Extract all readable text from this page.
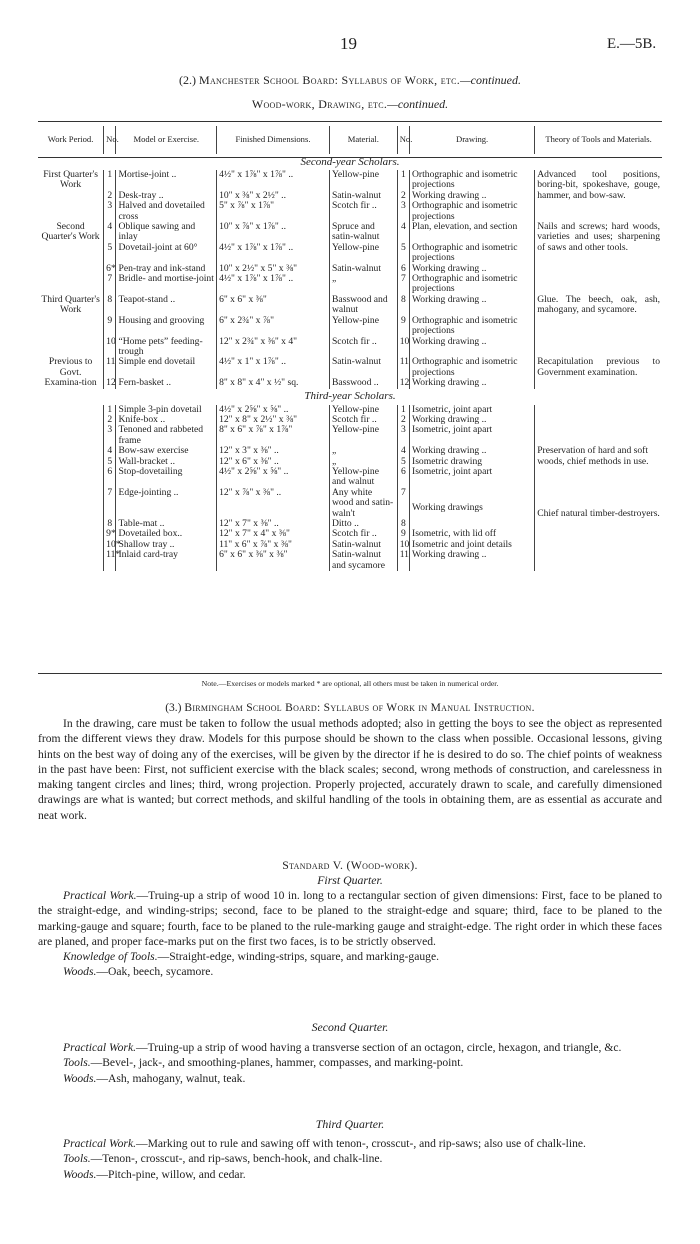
19	E.—5B.
(2.) Manchester School Board: Syllabus of Work, etc.—continued.
Wood-work, Drawing, etc.—continued.
Work Period.	No.	Model or Exercise.	Finished Dimensions.	Material.	No.	Drawing.	Theory of Tools and Materials.
Second-year Scholars.							
First Quarter's Work	1	Mortise-joint ..	4½" x 1⅞" x 1⅞" ..	Yellow-pine	1	Orthographic and isometric projections	Advanced tool positions, boring-bit, spokeshave, gouge, hammer, and bow-saw.
	2	Desk-tray ..	10" x ⅜" x 2½" ..	Satin-walnut	2	Working drawing ..	
	3	Halved and dovetailed cross	5" x ⅞" x 1⅞"	Scotch fir ..	3	Orthographic and isometric projections	
Second Quarter's Work	4	Oblique sawing and inlay	10" x ⅞" x 1⅞" ..	Spruce and satin-walnut	4	Plan, elevation, and section	Nails and screws; hard woods, varieties and uses; sharpening of saws and other tools.
	5	Dovetail-joint at 60°	4½" x 1⅞" x 1⅞" ..	Yellow-pine	5	Orthographic and isometric projections	
	6*	Pen-tray and ink-stand	10" x 2½" x 5" x ⅜"	Satin-walnut	6	Working drawing ..	
	7	Bridle- and mortise-joint	4½" x 1⅞" x 1⅞" ..	„	7	Orthographic and isometric projections	
Third Quarter's Work	8	Teapot-stand ..	6" x 6" x ⅜"	Basswood and walnut	8	Working drawing ..	Glue. The beech, oak, ash, mahogany, and sycamore.
	9	Housing and grooving	6" x 2¾" x ⅞"	Yellow-pine	9	Orthographic and isometric projections	
	10	“Home pets” feeding-trough	12" x 2¾" x ⅜" x 4"	Scotch fir ..	10	Working drawing ..	
Previous to Govt. Examina-tion	11	Simple end dovetail	4½" x 1" x 1⅞" ..	Satin-walnut	11	Orthographic and isometric projections	Recapitulation previous to Government examination.
	12	Fern-basket ..	8" x 8" x 4" x ½" sq.	Basswood ..	12	Working drawing ..	
Third-year Scholars.							
	1	Simple 3-pin dovetail	4½" x 2⅝" x ⅝" ..	Yellow-pine	1	Isometric, joint apart	
	2	Knife-box ..	12" x 8" x 2½" x ⅜"	Scotch fir ..	2	Working drawing ..	
	3	Tenoned and rabbeted frame	8" x 6" x ⅞" x 1⅞"	Yellow-pine	3	Isometric, joint apart	Preservation of hard and soft woods, chief methods in use.
	4	Bow-saw exercise	12" x 3" x ⅜" ..	„	4	Working drawing ..	
	5	Wall-bracket ..	12" x 6" x ⅜" ..	„	5	Isometric drawing	
	6	Stop-dovetailing	4½" x 2⅝" x ⅝" ..	Yellow-pine and walnut	6	Isometric, joint apart	
	7	Edge-jointing ..	12" x ⅞" x ⅜" ..	Any white wood and satin-waln't	7	Working drawings	Chief natural timber-destroyers.
	8	Table-mat ..	12" x 7" x ⅜" ..	Ditto ..	8		
	9*	Dovetailed box..	12" x 7" x 4" x ⅜"	Scotch fir ..	9	Isometric, with lid off	
	10*	Shallow tray ..	11" x 6" x ⅞" x ⅜"	Satin-walnut	10	Isometric and joint details	
	11*	Inlaid card-tray	6" x 6" x ⅜" x ⅜"	Satin-walnut and sycamore	11	Working drawing ..	
Note.—Exercises or models marked * are optional, all others must be taken in numerical order.
(3.) Birmingham School Board: Syllabus of Work in Manual Instruction.

In the drawing, care must be taken to follow the usual methods adopted; also in getting the boys to see the object as represented from the different views they draw. Models for this purpose should be shown to the class when possible. Occasional lessons, giving hints on the best way of doing any of the exercises, will be given by the director if he is desired to do so. The chief points of weakness in the past have been: First, not sufficient exercise with the black scales; second, wrong methods of construction, and carelessness in making tangent circles and lines; third, wrong projection. Properly projected, accurately drawn to scale, and carefully dimensioned drawings are what is wanted; but correct methods, and skilful handling of the tools in obtaining them, are as essential as accurate and neat work.

Standard V. (Wood-work).
First Quarter.

Practical Work.—Truing-up a strip of wood 10 in. long to a rectangular section of given dimensions: First, face to be planed to the straight-edge, and winding-strips; second, face to be planed to the straight-edge and square; third, face to be planed to the marking-gauge and square; fourth, face to be planed to the rule-marking gauge and straight-edge. The right order in which these faces are planed, and proper face-marks put on the first two faces, is to be strictly observed.

Knowledge of Tools.—Straight-edge, winding-strips, square, and marking-gauge.

Woods.—Oak, beech, sycamore.

Second Quarter.

Practical Work.—Truing-up a strip of wood having a transverse section of an octagon, circle, hexagon, and triangle, &c.

Tools.—Bevel-, jack-, and smoothing-planes, hammer, compasses, and marking-point.

Woods.—Ash, mahogany, walnut, teak.

Third Quarter.

Practical Work.—Marking out to rule and sawing off with tenon-, crosscut-, and rip-saws; also use of chalk-line.

Tools.—Tenon-, crosscut-, and rip-saws, bench-hook, and chalk-line.

Woods.—Pitch-pine, willow, and cedar.
